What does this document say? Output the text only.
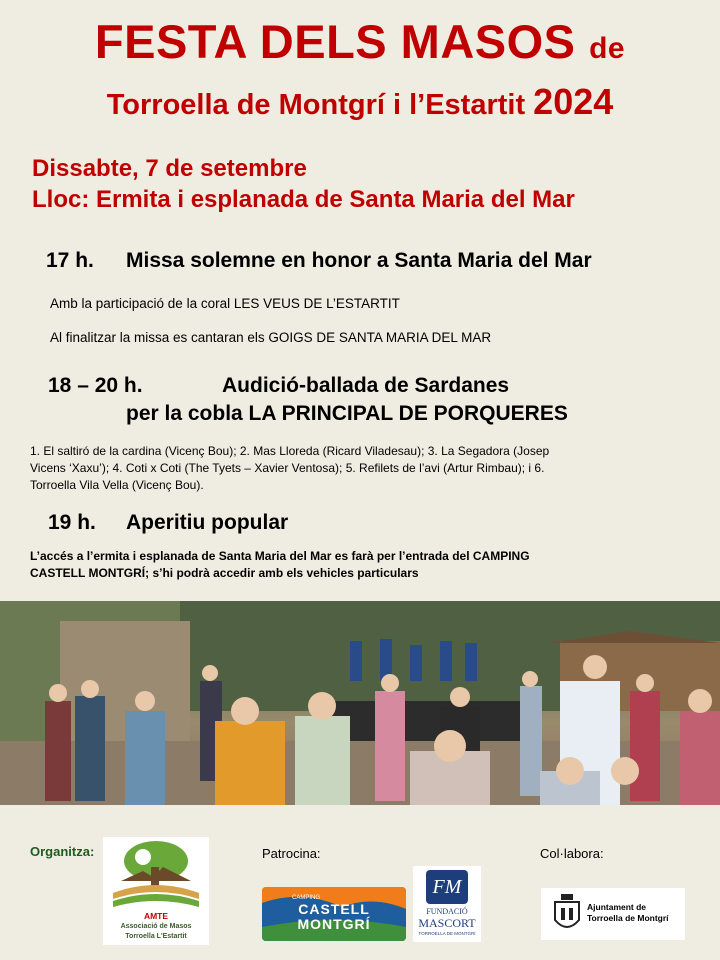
FESTA DELS MASOS de
Torroella de Montgrí i l’Estartit 2024
Dissabte, 7 de setembre
Lloc: Ermita i esplanada de Santa Maria del Mar
17 h. Missa solemne en honor a Santa Maria del Mar
Amb la participació de la coral LES VEUS DE L’ESTARTIT
Al finalitzar la missa es cantaran els GOIGS DE SANTA MARIA DEL MAR
18 – 20 h.	Audició-ballada de Sardanes
per la cobla LA PRINCIPAL DE PORQUERES
1. El saltiró de la cardina (Vicenç Bou); 2. Mas Lloreda (Ricard Viladesau); 3. La Segadora (Josep
Vicens ‘Xaxu’); 4. Coti x Coti (The Tyets – Xavier Ventosa); 5. Refilets de l’avi (Artur Rimbau); i 6.
Torroella Vila Vella (Vicenç Bou).
19 h. Aperitiu popular
L’accés a l’ermita i esplanada de Santa Maria del Mar es farà per l’entrada del CAMPING
CASTELL MONTGRÍ; s’hi podrà accedir amb els vehicles particulars
Organitza:	Patrocina:	Col·labora:
AMTE
Associació de Masos
Torroella L'Estartit
CAMPING
CASTELL
MONTGRÍ
FM
FUNDACIÓ
MASCORT
TORROELLA DE MONTGRÍ
Ajuntament de
Torroella de Montgrí
